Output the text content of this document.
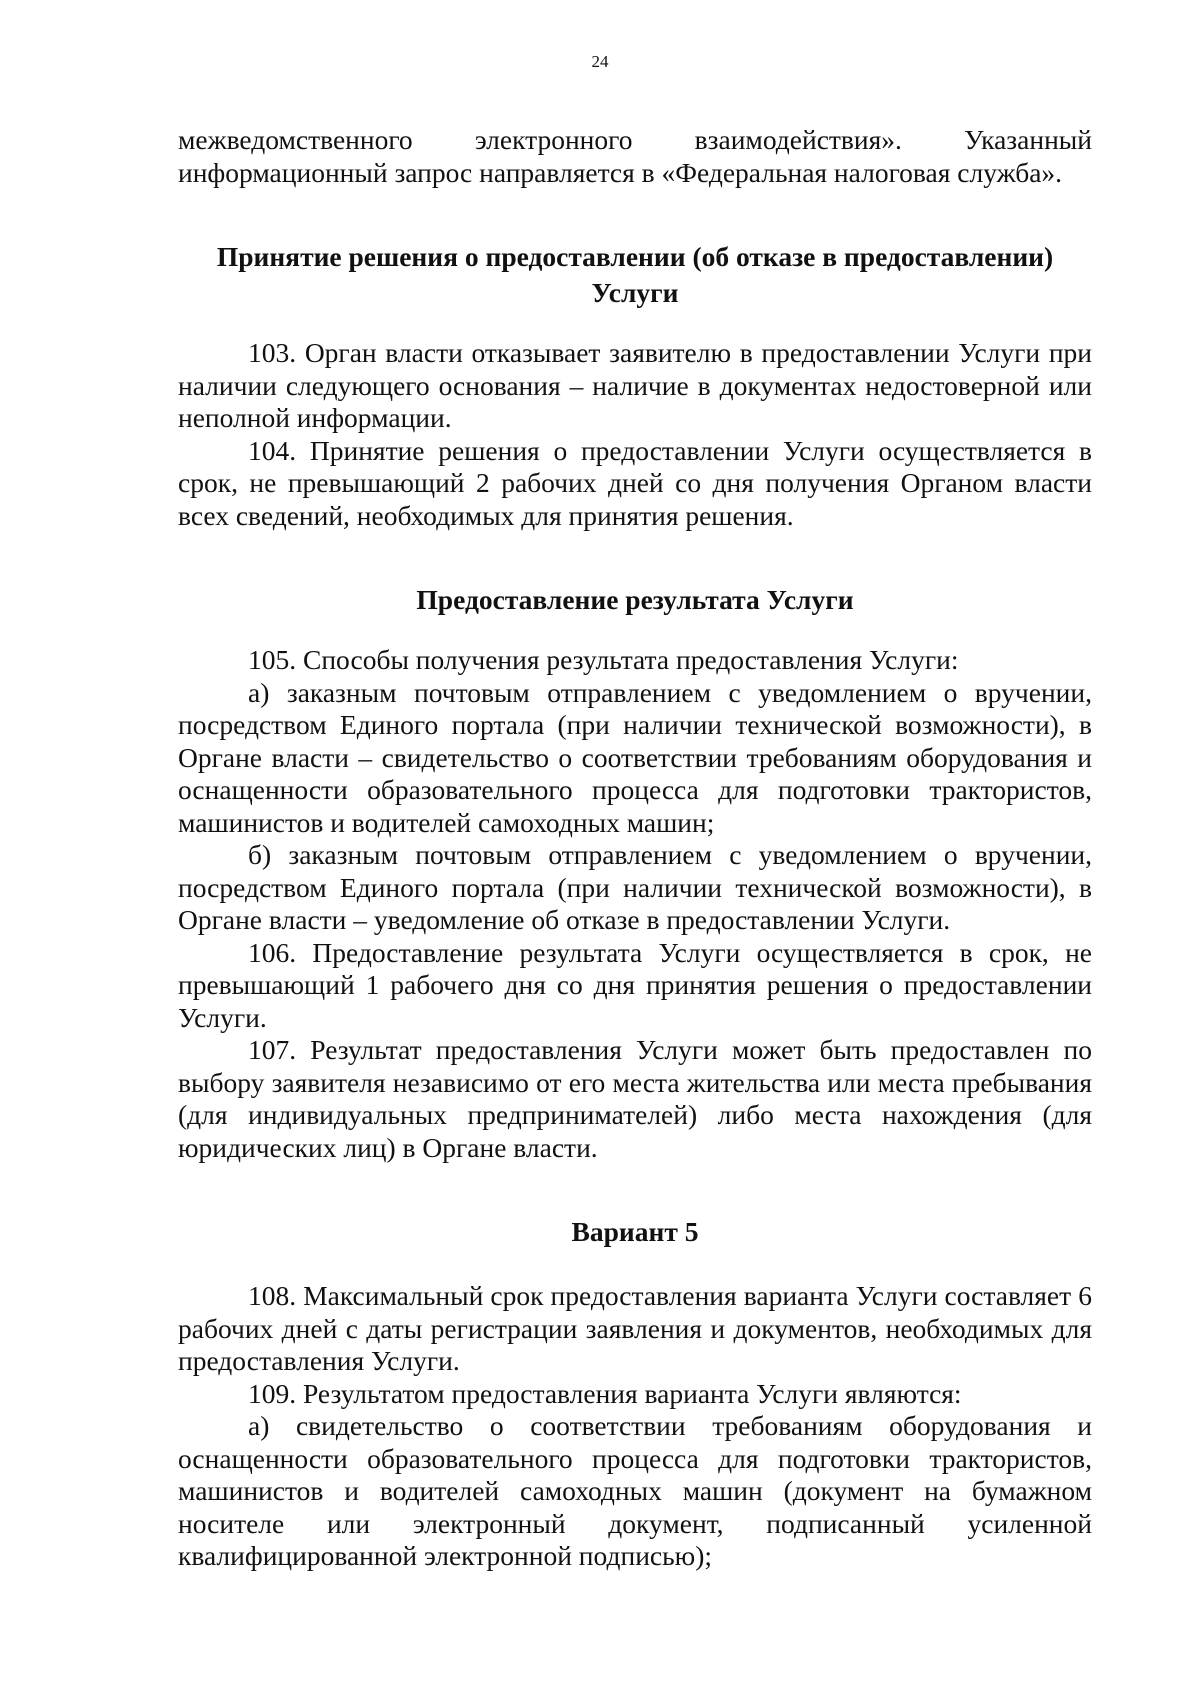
24

межведомственного электронного взаимодействия». Указанный информационный запрос направляется в «Федеральная налоговая служба».

Принятие решения о предоставлении (об отказе в предоставлении)
Услуги

103. Орган власти отказывает заявителю в предоставлении Услуги при наличии следующего основания – наличие в документах недостоверной или неполной информации.

104. Принятие решения о предоставлении Услуги осуществляется в срок, не превышающий 2 рабочих дней со дня получения Органом власти всех сведений, необходимых для принятия решения.

Предоставление результата Услуги

105. Способы получения результата предоставления Услуги:

а) заказным почтовым отправлением с уведомлением о вручении, посредством Единого портала (при наличии технической возможности), в Органе власти – свидетельство о соответствии требованиям оборудования и оснащенности образовательного процесса для подготовки трактористов, машинистов и водителей самоходных машин;

б) заказным почтовым отправлением с уведомлением о вручении, посредством Единого портала (при наличии технической возможности), в Органе власти – уведомление об отказе в предоставлении Услуги.

106. Предоставление результата Услуги осуществляется в срок, не превышающий 1 рабочего дня со дня принятия решения о предоставлении Услуги.

107. Результат предоставления Услуги может быть предоставлен по выбору заявителя независимо от его места жительства или места пребывания (для индивидуальных предпринимателей) либо места нахождения (для юридических лиц) в Органе власти.

Вариант 5

108. Максимальный срок предоставления варианта Услуги составляет 6 рабочих дней с даты регистрации заявления и документов, необходимых для предоставления Услуги.

109. Результатом предоставления варианта Услуги являются:

а) свидетельство о соответствии требованиям оборудования и оснащенности образовательного процесса для подготовки трактористов, машинистов и водителей самоходных машин (документ на бумажном носителе или электронный документ, подписанный усиленной квалифицированной электронной подписью);
